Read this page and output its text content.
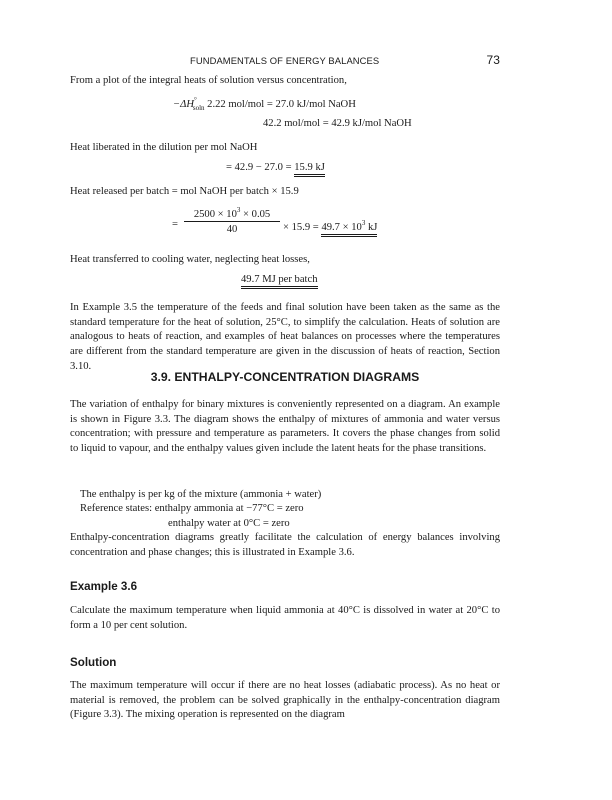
FUNDAMENTALS OF ENERGY BALANCES	73
From a plot of the integral heats of solution versus concentration,
$-\Delta H^\circ_{soln}$ 2.22 mol/mol = 27.0 kJ/mol NaOH
42.2 mol/mol = 42.9 kJ/mol NaOH
Heat liberated in the dilution per mol NaOH
= 42.9 − 27.0 = 15.9 kJ
Heat released per batch = mol NaOH per batch × 15.9
= $\frac{2500 \times 10^3 \times 0.05}{40} \times 15.9 = 49.7 \times 10^3$ kJ
Heat transferred to cooling water, neglecting heat losses,
49.7 MJ per batch

In Example 3.5 the temperature of the feeds and final solution have been taken as the same as the standard temperature for the heat of solution, 25°C, to simplify the calculation. Heats of solution are analogous to heats of reaction, and examples of heat balances on processes where the temperatures are different from the standard temperature are given in the discussion of heats of reaction, Section 3.10.

3.9. ENTHALPY-CONCENTRATION DIAGRAMS

The variation of enthalpy for binary mixtures is conveniently represented on a diagram. An example is shown in Figure 3.3. The diagram shows the enthalpy of mixtures of ammonia and water versus concentration; with pressure and temperature as parameters. It covers the phase changes from solid to liquid to vapour, and the enthalpy values given include the latent heats for the phase transitions.

The enthalpy is per kg of the mixture (ammonia + water)
Reference states: enthalpy ammonia at −77°C = zero
enthalpy water at 0°C = zero

Enthalpy-concentration diagrams greatly facilitate the calculation of energy balances involving concentration and phase changes; this is illustrated in Example 3.6.

Example 3.6

Calculate the maximum temperature when liquid ammonia at 40°C is dissolved in water at 20°C to form a 10 per cent solution.

Solution

The maximum temperature will occur if there are no heat losses (adiabatic process). As no heat or material is removed, the problem can be solved graphically in the enthalpy-concentration diagram (Figure 3.3). The mixing operation is represented on the diagram
